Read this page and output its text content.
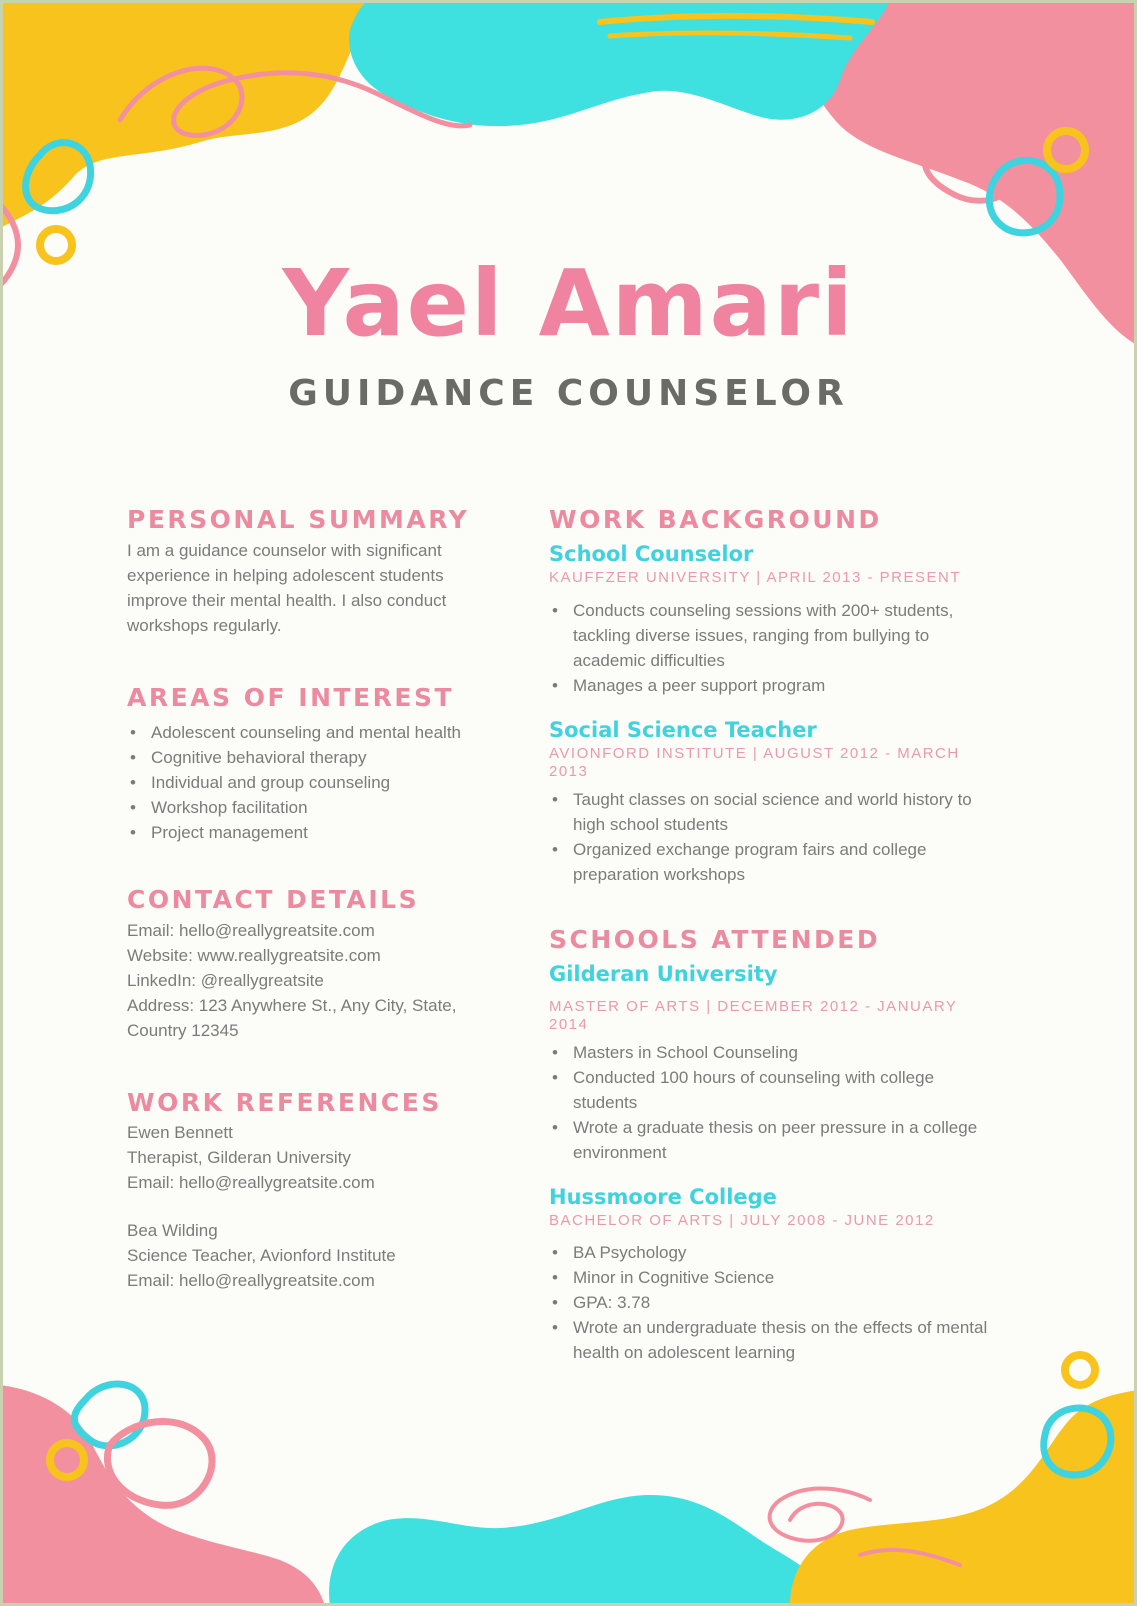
Yael Amari
GUIDANCE COUNSELOR
PERSONAL SUMMARY

I am a guidance counselor with significant experience in helping adolescent students improve their mental health. I also conduct workshops regularly.

AREAS OF INTEREST
• Adolescent counseling and mental health
• Cognitive behavioral therapy
• Individual and group counseling
• Workshop facilitation
• Project management
CONTACT DETAILS
Email: hello@reallygreatsite.com
Website: www.reallygreatsite.com
LinkedIn: @reallygreatsite
Address: 123 Anywhere St., Any City, State, Country 12345
WORK REFERENCES
Ewen Bennett
Therapist, Gilderan University
Email: hello@reallygreatsite.com
Bea Wilding
Science Teacher, Avionford Institute
Email: hello@reallygreatsite.com
WORK BACKGROUND
School Counselor

KAUFFZER UNIVERSITY | APRIL 2013 - PRESENT

• Conducts counseling sessions with 200+ students, tackling diverse issues, ranging from bullying to academic difficulties
• Manages a peer support program
Social Science Teacher

AVIONFORD INSTITUTE | AUGUST 2012 - MARCH 2013

• Taught classes on social science and world history to high school students
• Organized exchange program fairs and college preparation workshops
SCHOOLS ATTENDED
Gilderan University

MASTER OF ARTS | DECEMBER 2012 - JANUARY 2014

• Masters in School Counseling
• Conducted 100 hours of counseling with college students
• Wrote a graduate thesis on peer pressure in a college environment
Hussmoore College

BACHELOR OF ARTS | JULY 2008 - JUNE 2012

• BA Psychology
• Minor in Cognitive Science
• GPA: 3.78
• Wrote an undergraduate thesis on the effects of mental health on adolescent learning
